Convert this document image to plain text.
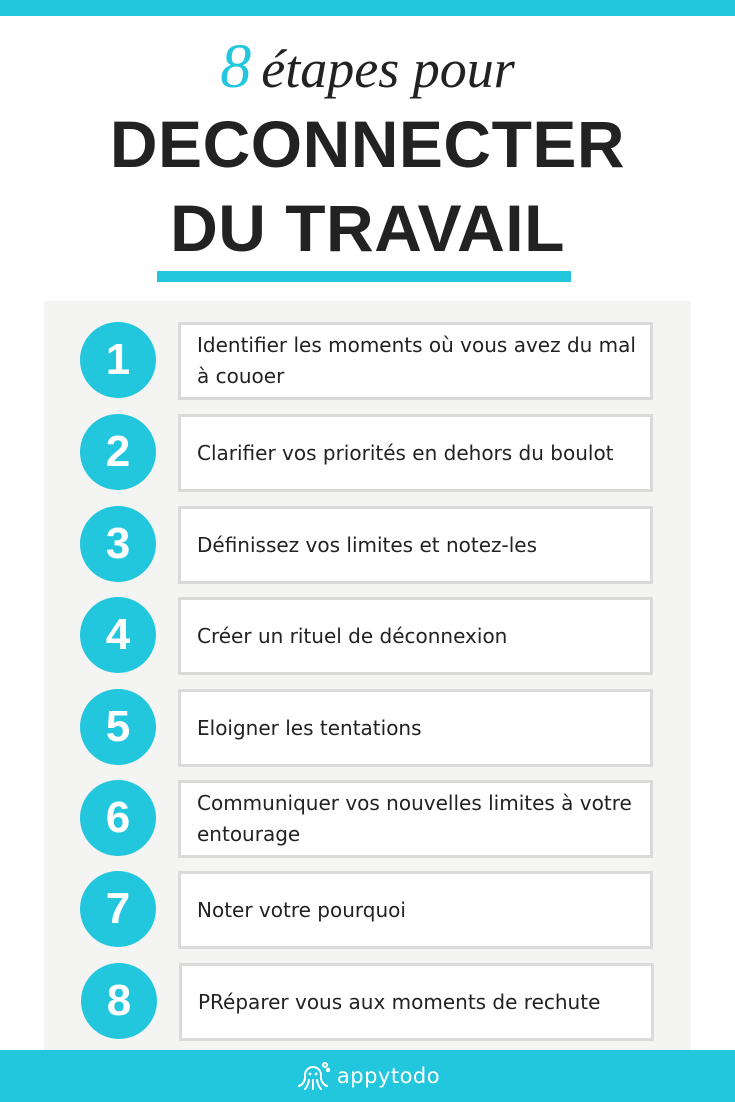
8 étapes pour
DECONNECTER
DU TRAVAIL
1	Identifier les moments où vous avez du mal à couoer
2	Clarifier vos priorités en dehors du boulot
3	Définissez vos limites et notez-les
4	Créer un rituel de déconnexion
5	Eloigner les tentations
6	Communiquer vos nouvelles limites à votre entourage
7	Noter votre pourquoi
8	PRéparer vous aux moments de rechute
appytodo
